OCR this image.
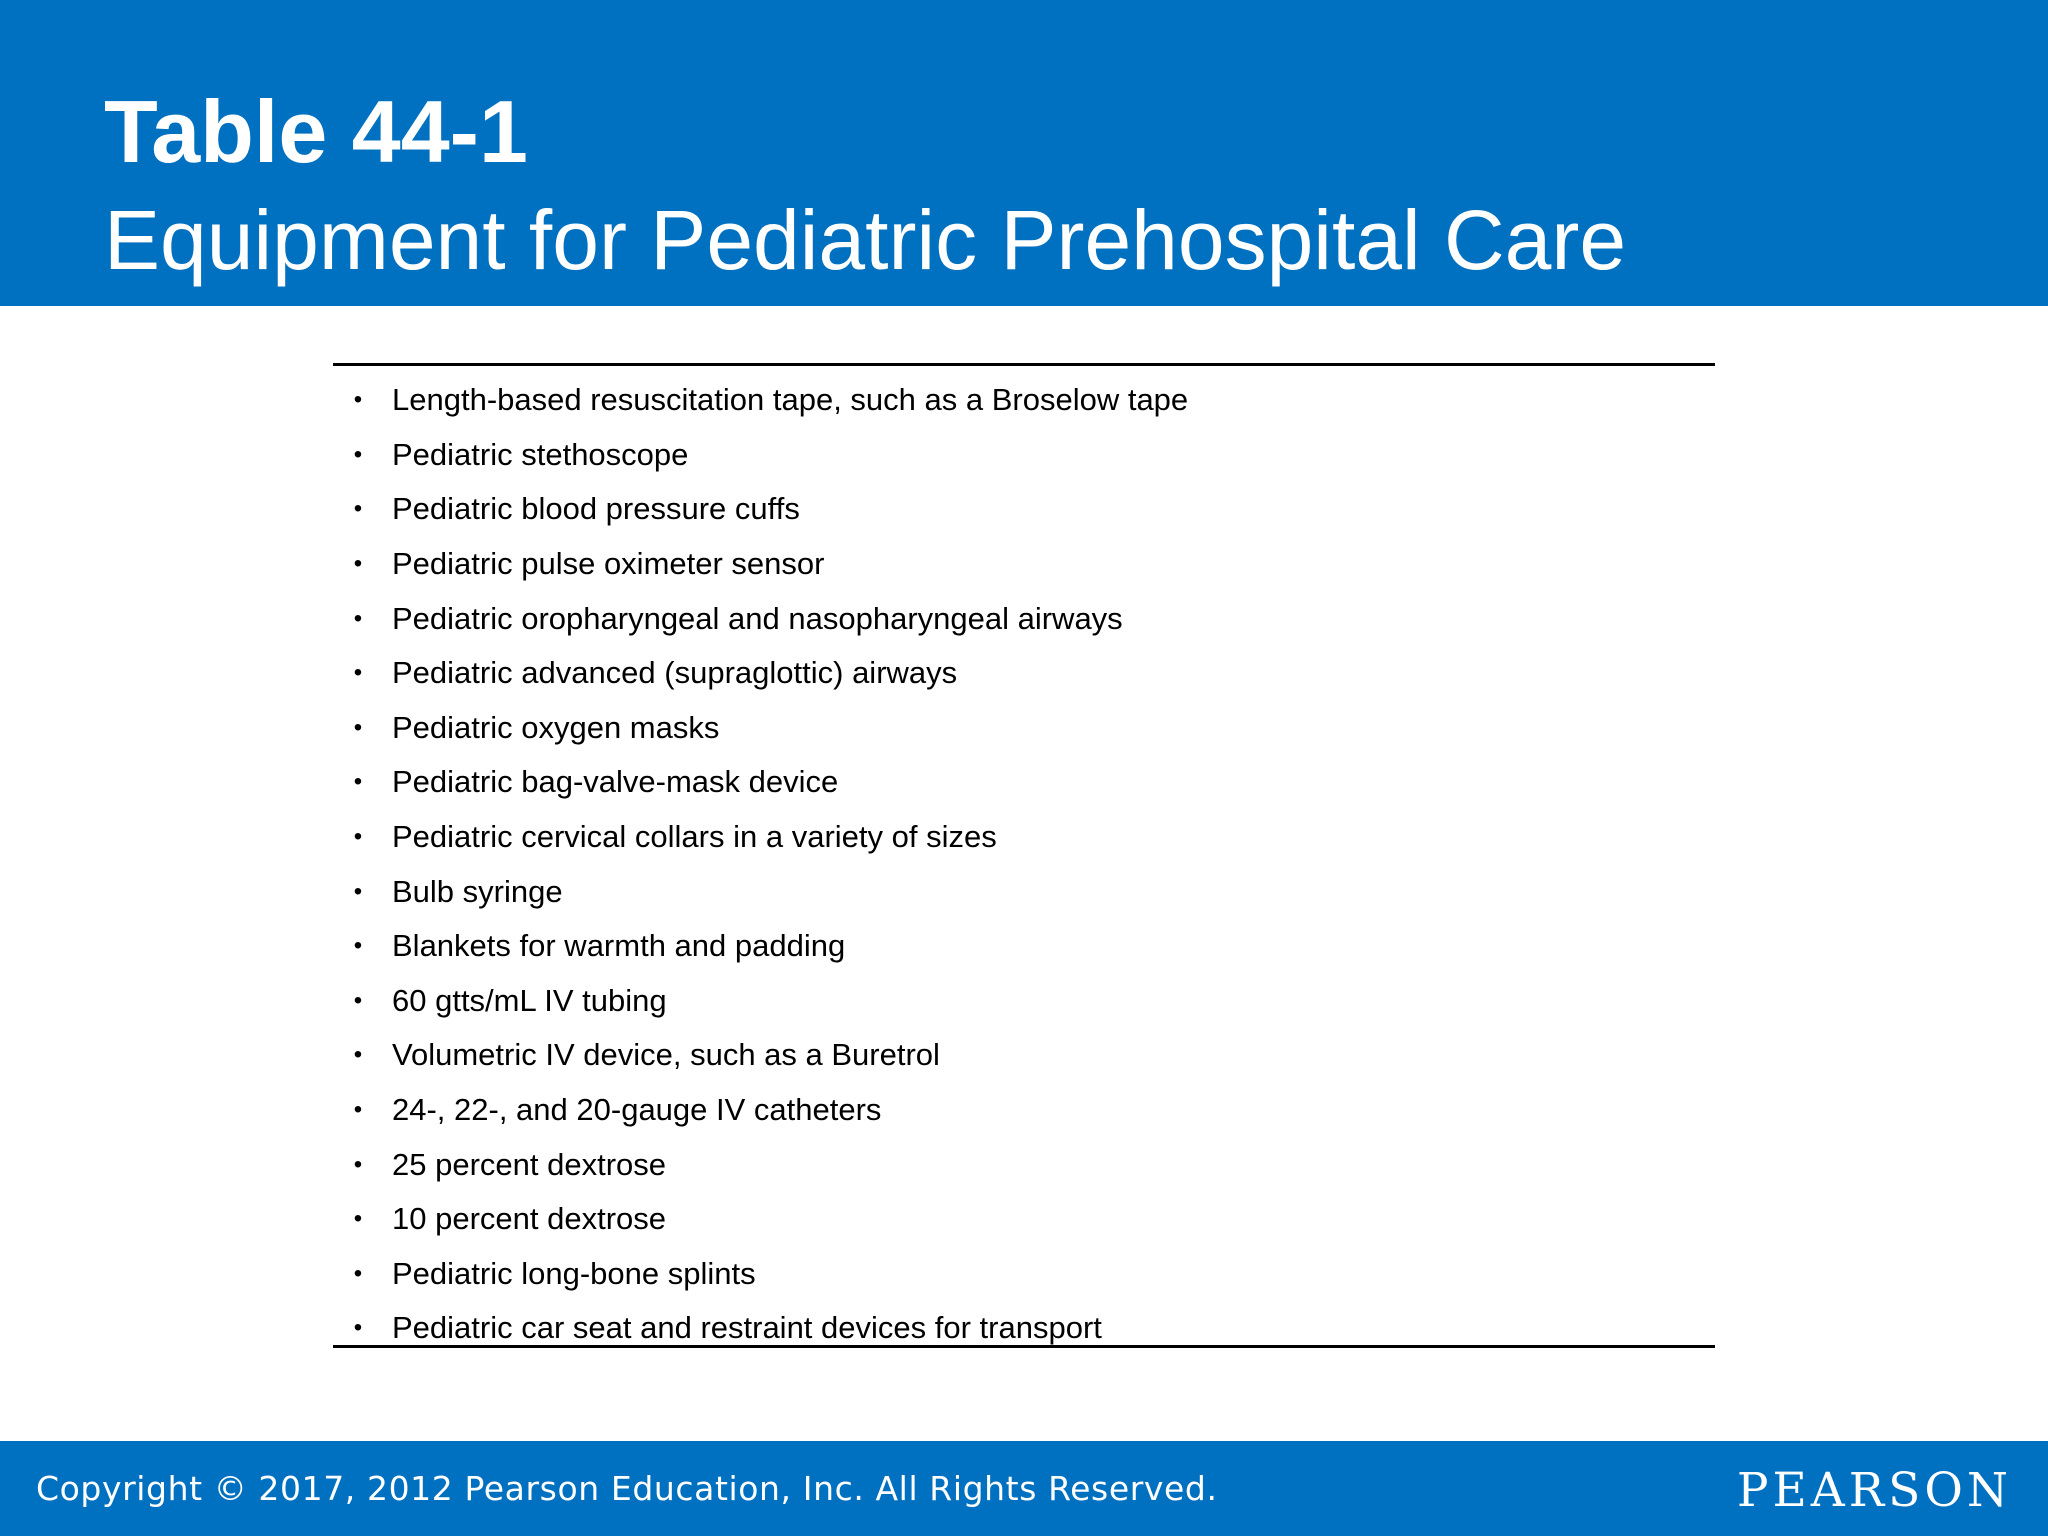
Table 44-1
Equipment for Pediatric Prehospital Care
• Length-based resuscitation tape, such as a Broselow tape
• Pediatric stethoscope
• Pediatric blood pressure cuffs
• Pediatric pulse oximeter sensor
• Pediatric oropharyngeal and nasopharyngeal airways
• Pediatric advanced (supraglottic) airways
• Pediatric oxygen masks
• Pediatric bag-valve-mask device
• Pediatric cervical collars in a variety of sizes
• Bulb syringe
• Blankets for warmth and padding
• 60 gtts/mL IV tubing
• Volumetric IV device, such as a Buretrol
• 24-, 22-, and 20-gauge IV catheters
• 25 percent dextrose
• 10 percent dextrose
• Pediatric long-bone splints
• Pediatric car seat and restraint devices for transport
Copyright © 2017, 2012 Pearson Education, Inc. All Rights Reserved.	PEARSON
